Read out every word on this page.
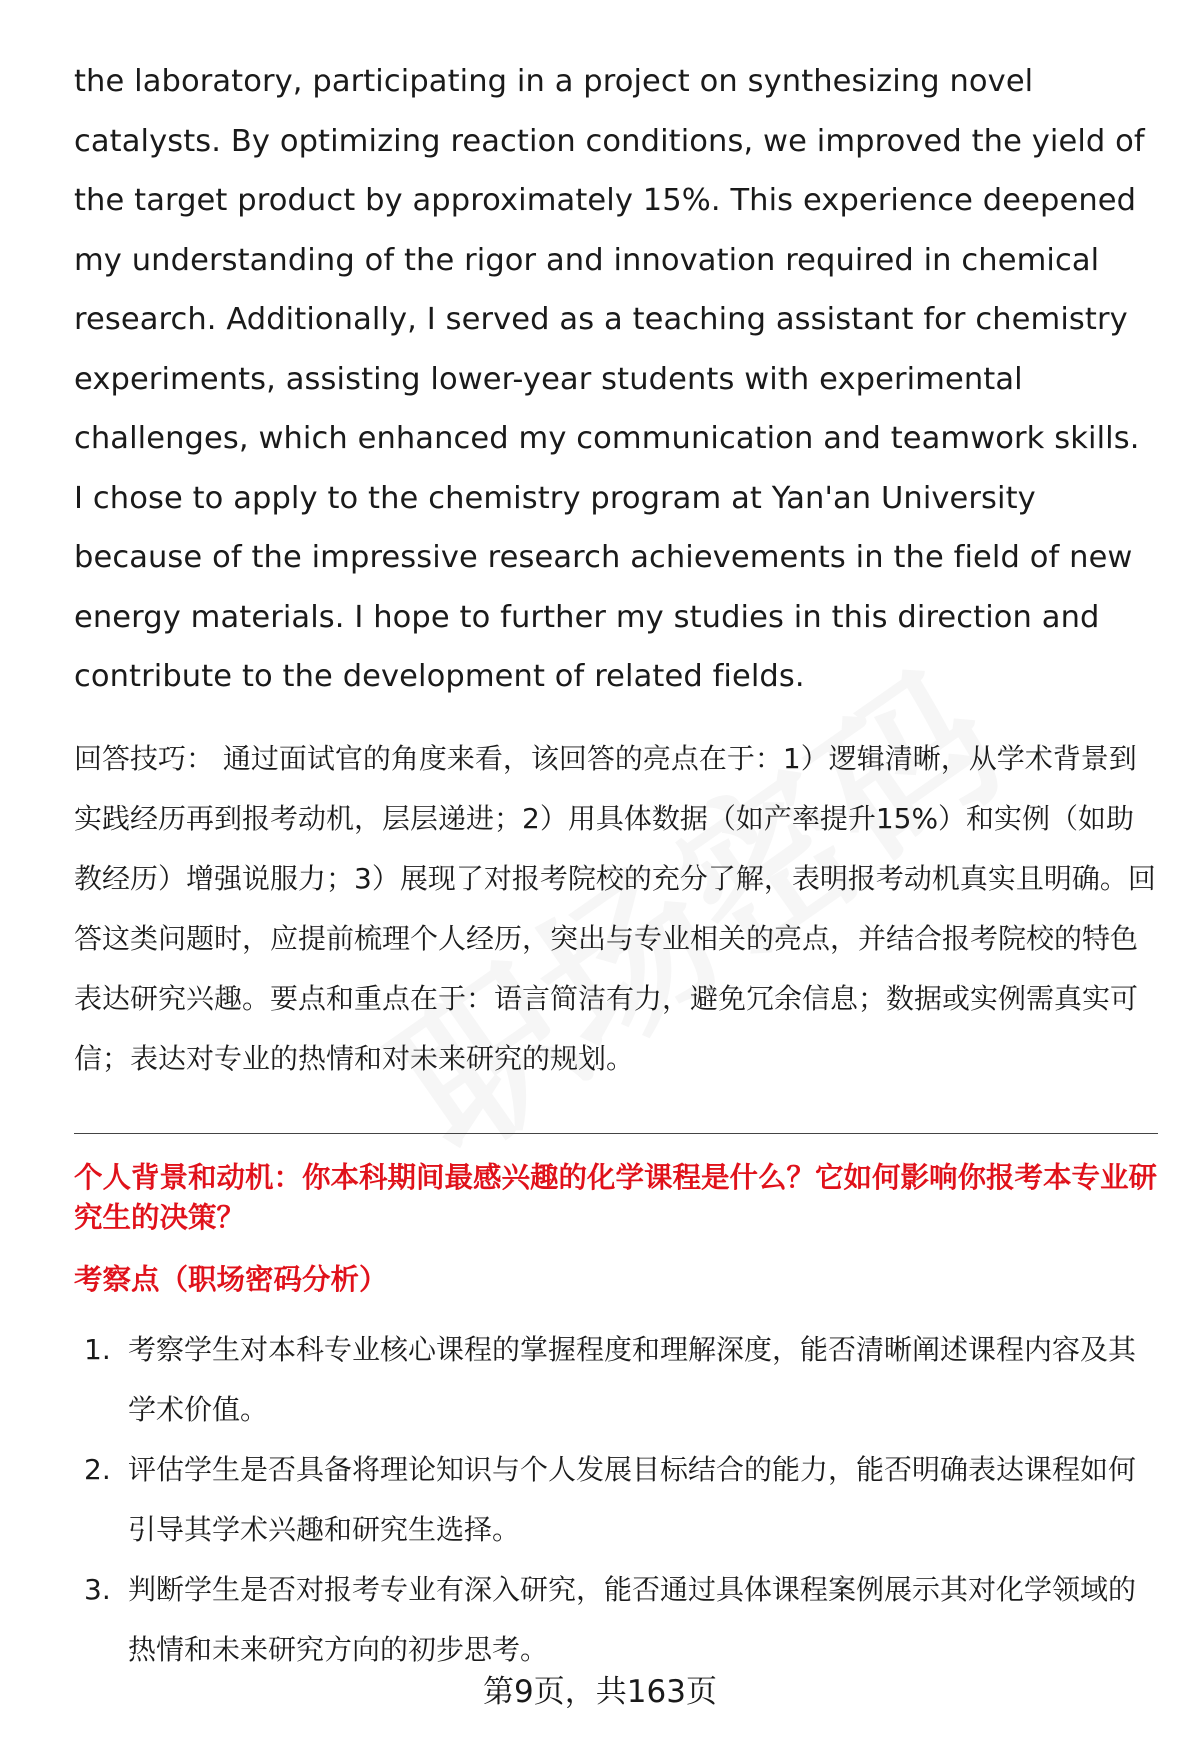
the laboratory, participating in a project on synthesizing novel catalysts. By optimizing reaction conditions, we improved the yield of the target product by approximately 15%. This experience deepened my understanding of the rigor and innovation required in chemical research. Additionally, I served as a teaching assistant for chemistry experiments, assisting lower-year students with experimental challenges, which enhanced my communication and teamwork skills. I chose to apply to the chemistry program at Yan'an University because of the impressive research achievements in the field of new energy materials. I hope to further my studies in this direction and contribute to the development of related fields.

回答技巧： 通过面试官的角度来看，该回答的亮点在于：1）逻辑清晰，从学术背景到实践经历再到报考动机，层层递进；2）用具体数据（如产率提升15%）和实例（如助教经历）增强说服力；3）展现了对报考院校的充分了解，表明报考动机真实且明确。回答这类问题时，应提前梳理个人经历，突出与专业相关的亮点，并结合报考院校的特色表达研究兴趣。要点和重点在于：语言简洁有力，避免冗余信息；数据或实例需真实可信；表达对专业的热情和对未来研究的规划。

个人背景和动机：你本科期间最感兴趣的化学课程是什么？它如何影响你报考本专业研究生的决策？
考察点（职场密码分析）
1. 考察学生对本科专业核心课程的掌握程度和理解深度，能否清晰阐述课程内容及其学术价值。
2. 评估学生是否具备将理论知识与个人发展目标结合的能力，能否明确表达课程如何引导其学术兴趣和研究生选择。
3. 判断学生是否对报考专业有深入研究，能否通过具体课程案例展示其对化学领域的热情和未来研究方向的初步思考。
第9页，共163页
